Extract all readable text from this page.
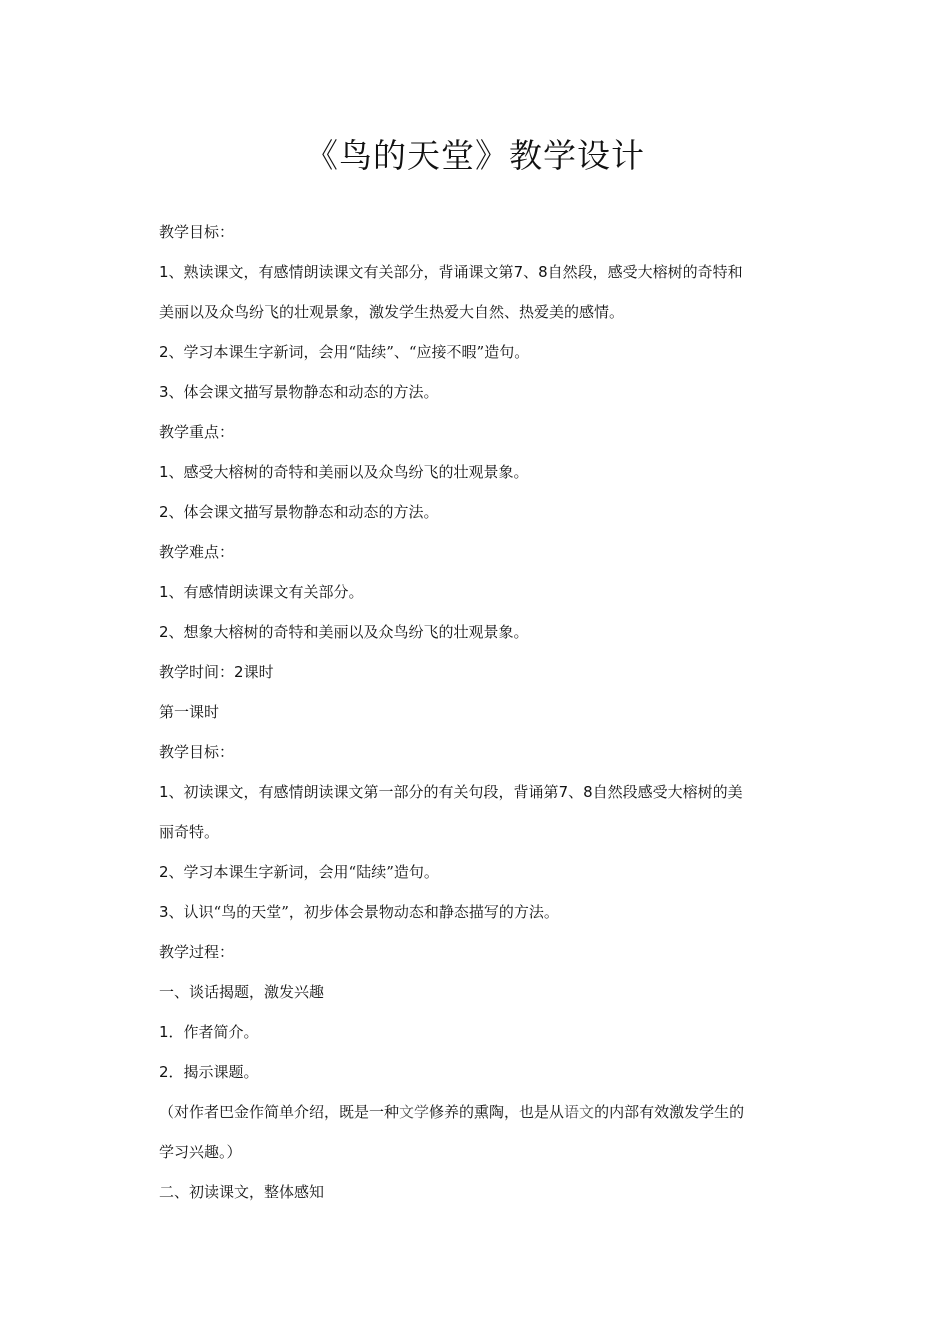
《鸟的天堂》教学设计
教学目标：
1、熟读课文，有感情朗读课文有关部分，背诵课文第7、8自然段，感受大榕树的奇特和
美丽以及众鸟纷飞的壮观景象，激发学生热爱大自然、热爱美的感情。
2、学习本课生字新词，会用“陆续”、“应接不暇”造句。
3、体会课文描写景物静态和动态的方法。
教学重点：
1、感受大榕树的奇特和美丽以及众鸟纷飞的壮观景象。
2、体会课文描写景物静态和动态的方法。
教学难点：
1、有感情朗读课文有关部分。
2、想象大榕树的奇特和美丽以及众鸟纷飞的壮观景象。
教学时间：2课时
第一课时
教学目标：
1、初读课文，有感情朗读课文第一部分的有关句段，背诵第7、8自然段感受大榕树的美
丽奇特。
2、学习本课生字新词，会用“陆续”造句。
3、认识“鸟的天堂”，初步体会景物动态和静态描写的方法。
教学过程：
一、谈话揭题，激发兴趣
1．作者简介。
2．揭示课题。
（对作者巴金作简单介绍，既是一种文学修养的熏陶，也是从语文的内部有效激发学生的
学习兴趣。）
二、初读课文，整体感知
